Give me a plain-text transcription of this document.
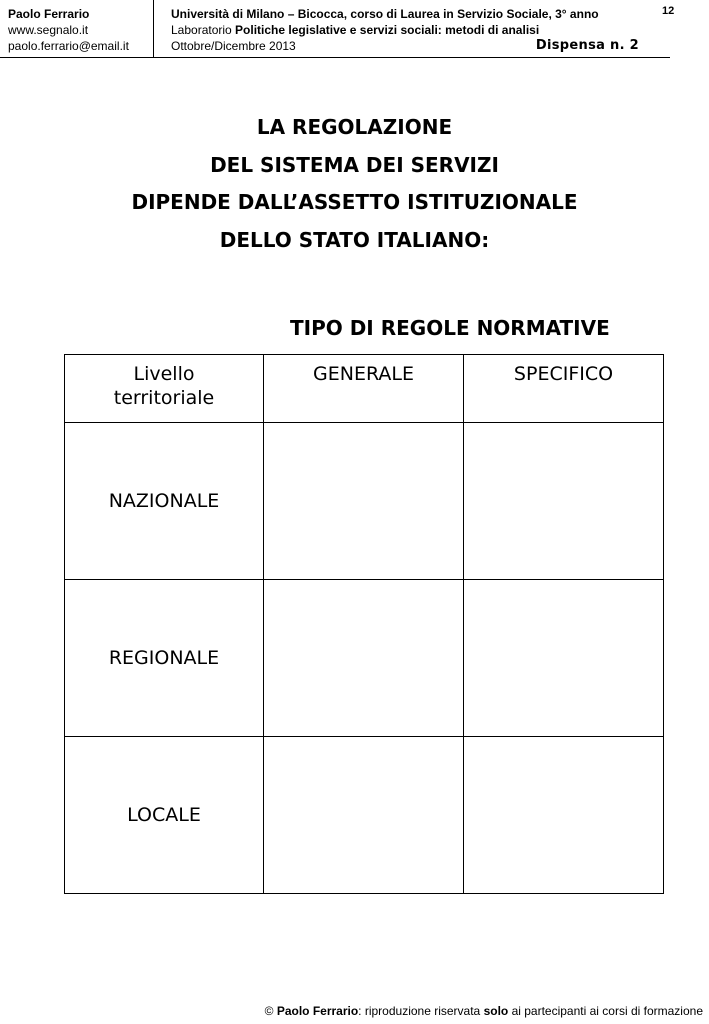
Paolo Ferrario
www.segnalo.it
paolo.ferrario@email.it
Università di Milano – Bicocca, corso di Laurea in Servizio Sociale, 3° anno
Laboratorio Politiche legislative e servizi sociali: metodi di analisi
Ottobre/Dicembre 2013	Dispensa n. 2
12
LA REGOLAZIONE
DEL SISTEMA DEI SERVIZI
DIPENDE DALL’ASSETTO ISTITUZIONALE
DELLO STATO ITALIANO:
TIPO DI REGOLE NORMATIVE
Livello
territoriale	GENERALE	SPECIFICO
NAZIONALE		
REGIONALE		
LOCALE		
© Paolo Ferrario: riproduzione riservata solo ai partecipanti ai corsi di formazione
